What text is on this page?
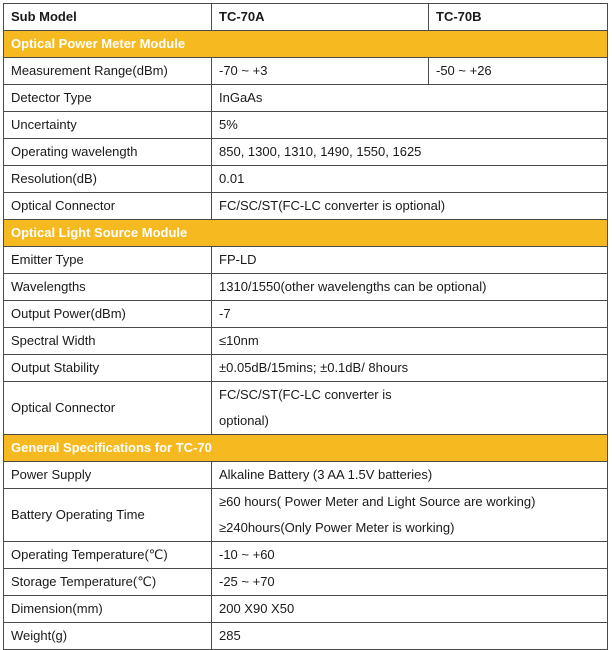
Sub Model	TC-70A	TC-70B
Optical Power Meter Module		
Measurement Range(dBm)	-70 ~ +3	-50 ~ +26
Detector Type	InGaAs	
Uncertainty	5%	
Operating wavelength	850, 1300, 1310, 1490, 1550, 1625	
Resolution(dB)	0.01	
Optical Connector	FC/SC/ST(FC-LC converter is optional)	
Optical Light Source Module		
Emitter Type	FP-LD	
Wavelengths	1310/1550(other wavelengths can be optional)	
Output Power(dBm)	-7	
Spectral Width	≤10nm	
Output Stability	±0.05dB/15mins; ±0.1dB/ 8hours	
Optical Connector	FC/SC/ST(FC-LC converter is
optional)	

General Specifications for TC-70		
Power Supply	Alkaline Battery (3 AA 1.5V batteries)	
Battery Operating Time	≥60 hours( Power Meter and Light Source are working)
≥240hours(Only Power Meter is working)	

Operating Temperature(℃)	-10 ~ +60	
Storage Temperature(℃)	-25 ~ +70	
Dimension(mm)	200 X90 X50	
Weight(g)	285	
